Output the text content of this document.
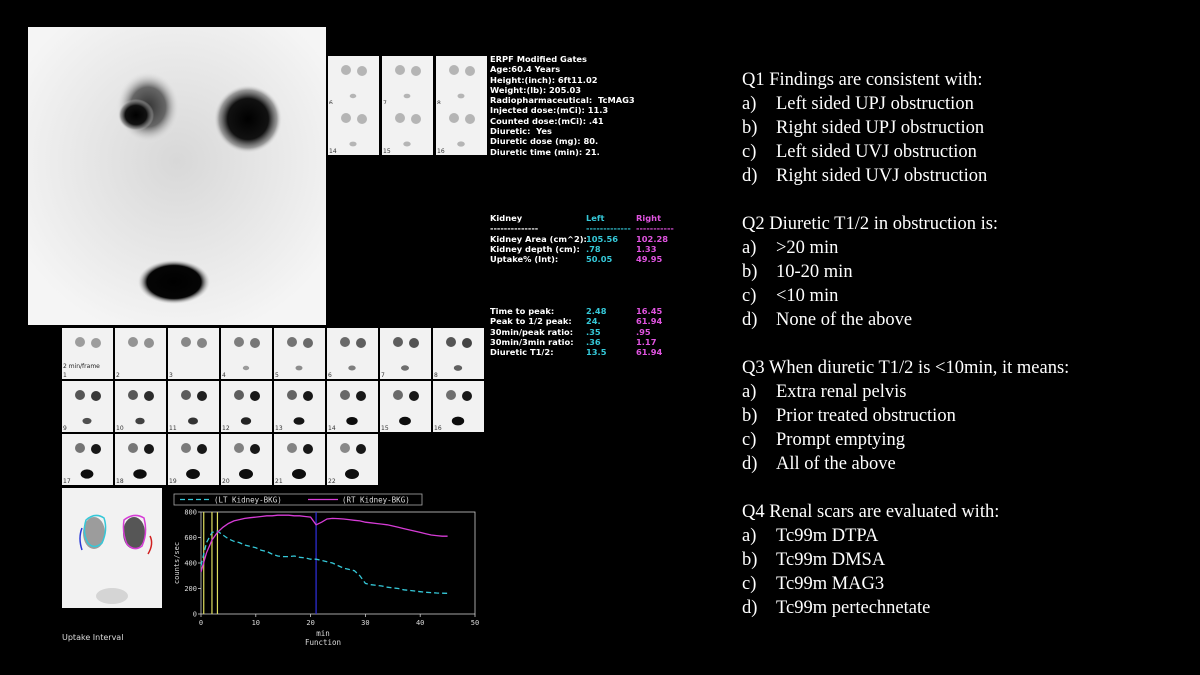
14	15	16
ERPF Modified Gates
Age:60.4 Years
Height:(inch): 6ft11.02
Weight:(lb): 205.03
Radiopharmaceutical:  TcMAG3
Injected dose:(mCi): 11.3
Counted dose:(mCi): .41
Diuretic:  Yes
Diuretic dose (mg): 80.
Diuretic time (min): 21.
Kidney	Left	Right
--------------	------------- -----------
Kidney Area (cm^2): 105.56 102.28
Kidney depth (cm): .78	1.33
Uptake% (Int):	50.05	49.95
Time to peak:	2.48	16.45
Peak to 1/2 peak: 24.	61.94
30min/peak ratio: .35	.95
30min/3min ratio: .36	1.17
Diuretic T1/2:	13.5	61.94
1	2	3	4	5	6	7	8
9	10	11	12	13	14	15	16
17	18	19	20	21	22
2 min/frame
Uptake Interval
(LT Kidney-BKG)	(RT Kidney-BKG)
0
200
400
600
800
0	10	20	30	40	50
min
Function
counts/sec

Q1 Findings are consistent with:

a) Left sided UPJ obstruction

b) Right sided UPJ obstruction

c) Left sided UVJ obstruction

d) Right sided UVJ obstruction

Q2 Diuretic T1/2 in obstruction is:

a) >20 min

b) 10-20 min

c) <10 min

d) None of the above

Q3 When diuretic T1/2 is <10min, it means:

a) Extra renal pelvis

b) Prior treated obstruction

c) Prompt emptying

d) All of the above

Q4 Renal scars are evaluated with:

a) Tc99m DTPA

b) Tc99m DMSA

c) Tc99m MAG3

d) Tc99m pertechnetate
